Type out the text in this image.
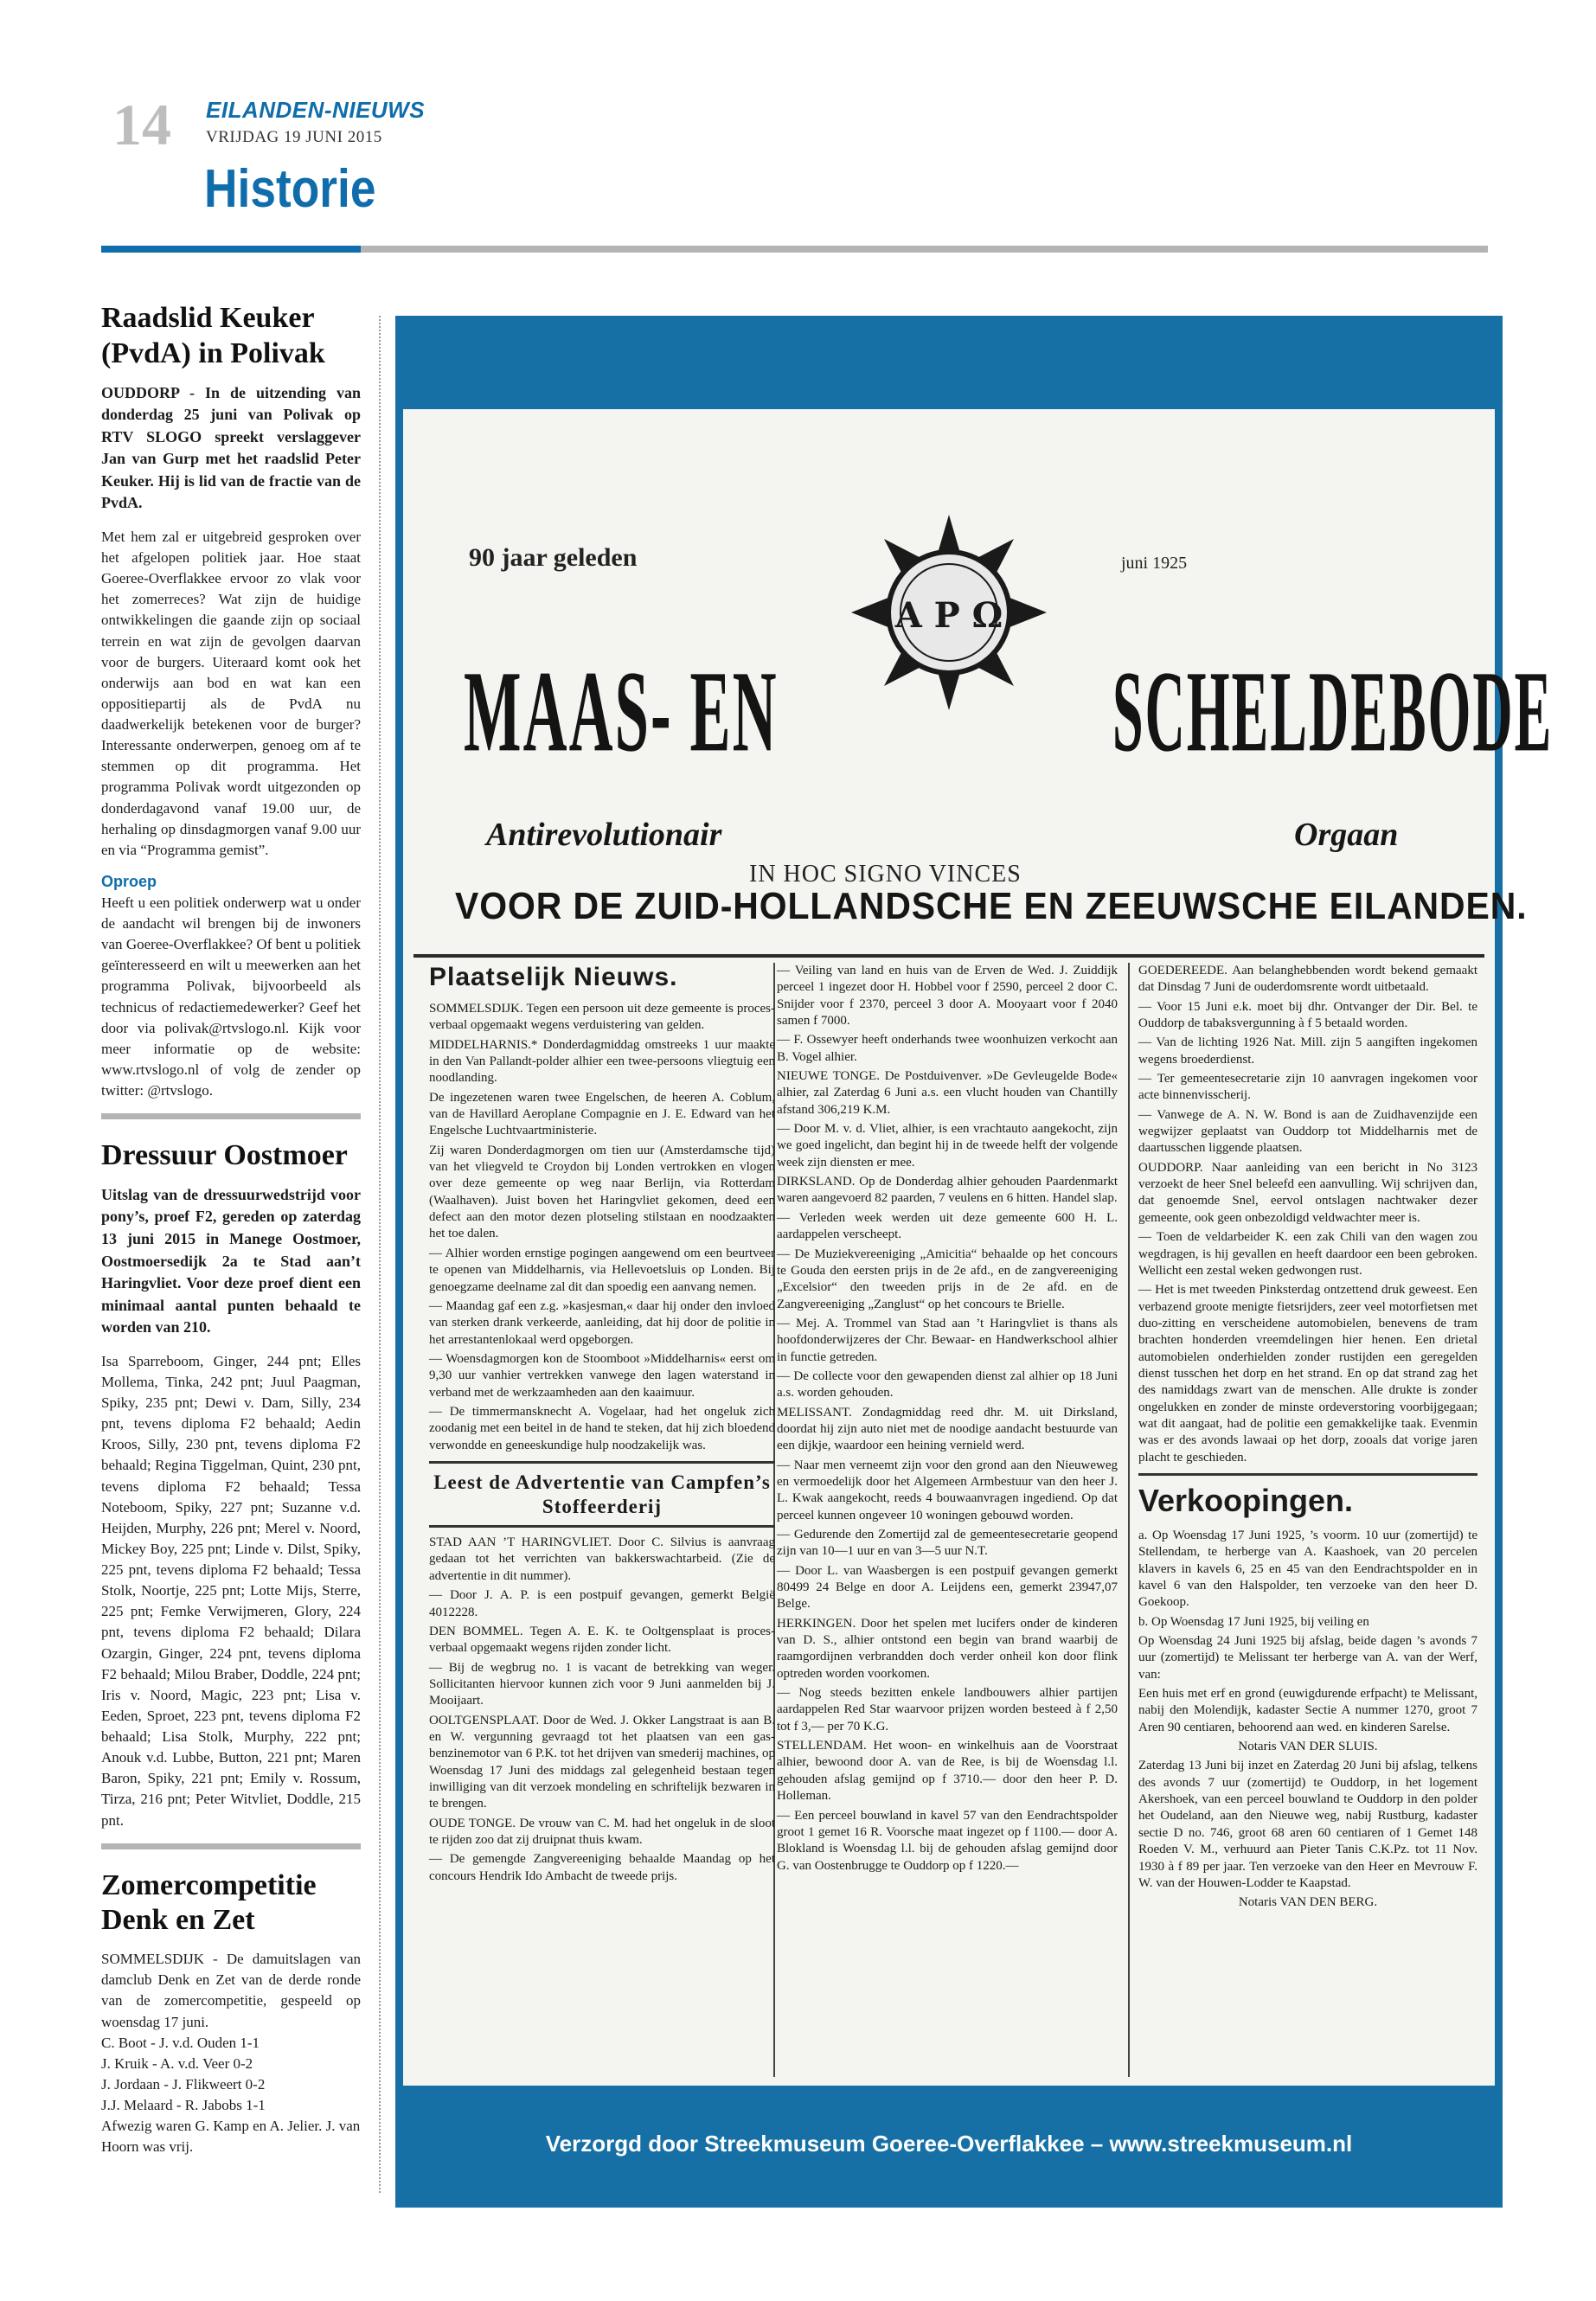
14 EILANDEN-NIEUWS
VRIJDAG 19 JUNI 2015
Historie
Raadslid Keuker (PvdA) in Polivak

OUDDORP - In de uitzending van donderdag 25 juni van Polivak op RTV SLOGO spreekt verslaggever Jan van Gurp met het raadslid Peter Keuker. Hij is lid van de fractie van de PvdA.

Met hem zal er uitgebreid gesproken over het afgelopen politiek jaar. Hoe staat Goeree-Overflakkee ervoor zo vlak voor het zomerreces? Wat zijn de huidige ontwikkelingen die gaande zijn op sociaal terrein en wat zijn de gevolgen daarvan voor de burgers. Uiteraard komt ook het onderwijs aan bod en wat kan een oppositiepartij als de PvdA nu daadwerkelijk betekenen voor de burger? Interessante onderwerpen, genoeg om af te stemmen op dit programma. Het programma Polivak wordt uitgezonden op donderdagavond vanaf 19.00 uur, de herhaling op dinsdagmorgen vanaf 9.00 uur en via “Programma gemist”.

Oproep

Heeft u een politiek onderwerp wat u onder de aandacht wil brengen bij de inwoners van Goeree-Overflakkee? Of bent u politiek geïnteresseerd en wilt u meewerken aan het programma Polivak, bijvoorbeeld als technicus of redactiemedewerker? Geef het door via polivak@rtvslogo.nl. Kijk voor meer informatie op de website: www.rtvslogo.nl of volg de zender op twitter: @rtvslogo.

Dressuur Oostmoer

Uitslag van de dressuurwedstrijd voor pony’s, proef F2, gereden op zaterdag 13 juni 2015 in Manege Oostmoer, Oostmoersedijk 2a te Stad aan’t Haringvliet. Voor deze proef dient een minimaal aantal punten behaald te worden van 210.

Isa Sparreboom, Ginger, 244 pnt; Elles Mollema, Tinka, 242 pnt; Juul Paagman, Spiky, 235 pnt; Dewi v. Dam, Silly, 234 pnt, tevens diploma F2 behaald; Aedin Kroos, Silly, 230 pnt, tevens diploma F2 behaald; Regina Tiggelman, Quint, 230 pnt, tevens diploma F2 behaald; Tessa Noteboom, Spiky, 227 pnt; Suzanne v.d. Heijden, Murphy, 226 pnt; Merel v. Noord, Mickey Boy, 225 pnt; Linde v. Dilst, Spiky, 225 pnt, tevens diploma F2 behaald; Tessa Stolk, Noortje, 225 pnt; Lotte Mijs, Sterre, 225 pnt; Femke Verwijmeren, Glory, 224 pnt, tevens diploma F2 behaald; Dilara Ozargin, Ginger, 224 pnt, tevens diploma F2 behaald; Milou Braber, Doddle, 224 pnt; Iris v. Noord, Magic, 223 pnt; Lisa v. Eeden, Sproet, 223 pnt, tevens diploma F2 behaald; Lisa Stolk, Murphy, 222 pnt; Anouk v.d. Lubbe, Button, 221 pnt; Maren Baron, Spiky, 221 pnt; Emily v. Rossum, Tirza, 216 pnt; Peter Witvliet, Doddle, 215 pnt.

Zomercompetitie Denk en Zet

SOMMELSDIJK - De damuitslagen van damclub Denk en Zet van de derde ronde van de zomercompetitie, gespeeld op woensdag 17 juni.

C. Boot - J. v.d. Ouden 1-1
J. Kruik - A. v.d. Veer 0-2
J. Jordaan - J. Flikweert 0-2
J.J. Melaard - R. Jabobs 1-1
Afwezig waren G. Kamp en A. Jelier. J. van Hoorn was vrij.
90 jaar geleden	juni 1925
A P Ω
MAAS- EN	SCHELDEBODE
Antirevolutionair	Orgaan
IN HOC SIGNO VINCES
VOOR DE ZUID-HOLLANDSCHE EN ZEEUWSCHE EILANDEN.
Plaatselijk Nieuws.

SOMMELSDIJK. Tegen een persoon uit deze gemeente is proces-verbaal opgemaakt wegens verduistering van gelden.

MIDDELHARNIS.* Donderdagmiddag omstreeks 1 uur maakte in den Van Pallandt-polder alhier een twee-persoons vliegtuig een noodlanding.

De ingezetenen waren twee Engelschen, de heeren A. Coblum, van de Havillard Aeroplane Compagnie en J. E. Edward van het Engelsche Luchtvaartministerie.

Zij waren Donderdagmorgen om tien uur (Amsterdamsche tijd) van het vliegveld te Croydon bij Londen vertrokken en vlogen over deze gemeente op weg naar Berlijn, via Rotterdam (Waalhaven). Juist boven het Haringvliet gekomen, deed een defect aan den motor dezen plotseling stilstaan en noodzaakten het toe dalen.

— Alhier worden ernstige pogingen aangewend om een beurtveer te openen van Middelharnis, via Hellevoetsluis op Londen. Bij genoegzame deelname zal dit dan spoedig een aanvang nemen.

— Maandag gaf een z.g. »kasjesman,« daar hij onder den invloed van sterken drank verkeerde, aanleiding, dat hij door de politie in het arrestantenlokaal werd opgeborgen.

— Woensdagmorgen kon de Stoomboot »Middelharnis« eerst om 9,30 uur vanhier vertrekken vanwege den lagen waterstand in verband met de werkzaamheden aan den kaaimuur.

— De timmermansknecht A. Vogelaar, had het ongeluk zich zoodanig met een beitel in de hand te steken, dat hij zich bloedend verwondde en geneeskundige hulp noodzakelijk was.

Leest de Advertentie van Campfen’s Stoffeerderij

STAD AAN ’T HARINGVLIET. Door C. Silvius is aanvraag gedaan tot het verrichten van bakkerswachtarbeid. (Zie de advertentie in dit nummer).

— Door J. A. P. is een postpuif gevangen, gemerkt België 4012228.

DEN BOMMEL. Tegen A. E. K. te Ooltgensplaat is proces-verbaal opgemaakt wegens rijden zonder licht.

— Bij de wegbrug no. 1 is vacant de betrekking van weger. Sollicitanten hiervoor kunnen zich voor 9 Juni aanmelden bij J. Mooijaart.

OOLTGENSPLAAT. Door de Wed. J. Okker Langstraat is aan B. en W. vergunning gevraagd tot het plaatsen van een gas-benzinemotor van 6 P.K. tot het drijven van smederij machines, op Woensdag 17 Juni des middags zal gelegenheid bestaan tegen inwilliging van dit verzoek mondeling en schriftelijk bezwaren in te brengen.

OUDE TONGE. De vrouw van C. M. had het ongeluk in de sloot te rijden zoo dat zij druipnat thuis kwam.

— De gemengde Zangvereeniging behaalde Maandag op het concours Hendrik Ido Ambacht de tweede prijs.

— Veiling van land en huis van de Erven de Wed. J. Zuiddijk perceel 1 ingezet door H. Hobbel voor f 2590, perceel 2 door C. Snijder voor f 2370, perceel 3 door A. Mooyaart voor f 2040 samen f 7000.

— F. Ossewyer heeft onderhands twee woonhuizen verkocht aan B. Vogel alhier.

NIEUWE TONGE. De Postduivenver. »De Gevleugelde Bode« alhier, zal Zaterdag 6 Juni a.s. een vlucht houden van Chantilly afstand 306,219 K.M.

— Door M. v. d. Vliet, alhier, is een vrachtauto aangekocht, zijn we goed ingelicht, dan begint hij in de tweede helft der volgende week zijn diensten er mee.

DIRKSLAND. Op de Donderdag alhier gehouden Paardenmarkt waren aangevoerd 82 paarden, 7 veulens en 6 hitten. Handel slap.

— Verleden week werden uit deze gemeente 600 H. L. aardappelen verscheept.

— De Muziekvereeniging „Amicitia“ behaalde op het concours te Gouda den eersten prijs in de 2e afd., en de zangvereeniging „Excelsior“ den tweeden prijs in de 2e afd. en de Zangvereeniging „Zanglust“ op het concours te Brielle.

— Mej. A. Trommel van Stad aan ’t Haringvliet is thans als hoofdonderwijzeres der Chr. Bewaar- en Handwerkschool alhier in functie getreden.

— De collecte voor den gewapenden dienst zal alhier op 18 Juni a.s. worden gehouden.

MELISSANT. Zondagmiddag reed dhr. M. uit Dirksland, doordat hij zijn auto niet met de noodige aandacht bestuurde van een dijkje, waardoor een heining vernield werd.

— Naar men verneemt zijn voor den grond aan den Nieuweweg en vermoedelijk door het Algemeen Armbestuur van den heer J. L. Kwak aangekocht, reeds 4 bouwaanvragen ingediend. Op dat perceel kunnen ongeveer 10 woningen gebouwd worden.

— Gedurende den Zomertijd zal de gemeentesecretarie geopend zijn van 10—1 uur en van 3—5 uur N.T.

— Door L. van Waasbergen is een postpuif gevangen gemerkt 80499 24 Belge en door A. Leijdens een, gemerkt 23947,07 Belge.

HERKINGEN. Door het spelen met lucifers onder de kinderen van D. S., alhier ontstond een begin van brand waarbij de raamgordijnen verbrandden doch verder onheil kon door flink optreden worden voorkomen.

— Nog steeds bezitten enkele landbouwers alhier partijen aardappelen Red Star waarvoor prijzen worden besteed à f 2,50 tot f 3,— per 70 K.G.

STELLENDAM. Het woon- en winkelhuis aan de Voorstraat alhier, bewoond door A. van de Ree, is bij de Woensdag l.l. gehouden afslag gemijnd op f 3710.— door den heer P. D. Holleman.

— Een perceel bouwland in kavel 57 van den Eendrachtspolder groot 1 gemet 16 R. Voorsche maat ingezet op f 1100.— door A. Blokland is Woensdag l.l. bij de gehouden afslag gemijnd door G. van Oostenbrugge te Ouddorp op f 1220.—

GOEDEREEDE. Aan belanghebbenden wordt bekend gemaakt dat Dinsdag 7 Juni de ouderdomsrente wordt uitbetaald.

— Voor 15 Juni e.k. moet bij dhr. Ontvanger der Dir. Bel. te Ouddorp de tabaksvergunning à f 5 betaald worden.

— Van de lichting 1926 Nat. Mill. zijn 5 aangiften ingekomen wegens broederdienst.

— Ter gemeentesecretarie zijn 10 aanvragen ingekomen voor acte binnenvisscherij.

— Vanwege de A. N. W. Bond is aan de Zuidhavenzijde een wegwijzer geplaatst van Ouddorp tot Middelharnis met de daartusschen liggende plaatsen.

OUDDORP. Naar aanleiding van een bericht in No 3123 verzoekt de heer Snel beleefd een aanvulling. Wij schrijven dan, dat genoemde Snel, eervol ontslagen nachtwaker dezer gemeente, ook geen onbezoldigd veldwachter meer is.

— Toen de veldarbeider K. een zak Chili van den wagen zou wegdragen, is hij gevallen en heeft daardoor een been gebroken. Wellicht een zestal weken gedwongen rust.

— Het is met tweeden Pinksterdag ontzettend druk geweest. Een verbazend groote menigte fietsrijders, zeer veel motorfietsen met duo-zitting en verscheidene automobielen, benevens de tram brachten honderden vreemdelingen hier henen. Een drietal automobielen onderhielden zonder rustijden een geregelden dienst tusschen het dorp en het strand. En op dat strand zag het des namiddags zwart van de menschen. Alle drukte is zonder ongelukken en zonder de minste ordeverstoring voorbijgegaan; wat dit aangaat, had de politie een gemakkelijke taak. Evenmin was er des avonds lawaai op het dorp, zooals dat vorige jaren placht te geschieden.

Verkoopingen.

a. Op Woensdag 17 Juni 1925, ’s voorm. 10 uur (zomertijd) te Stellendam, te herberge van A. Kaashoek, van 20 percelen klavers in kavels 6, 25 en 45 van den Eendrachtspolder en in kavel 6 van den Halspolder, ten verzoeke van den heer D. Goekoop.

b. Op Woensdag 17 Juni 1925, bij veiling en

Op Woensdag 24 Juni 1925 bij afslag, beide dagen ’s avonds 7 uur (zomertijd) te Melissant ter herberge van A. van der Werf, van:

Een huis met erf en grond (euwigdurende erfpacht) te Melissant, nabij den Molendijk, kadaster Sectie A nummer 1270, groot 7 Aren 90 centiaren, behoorend aan wed. en kinderen Sarelse.

Notaris VAN DER SLUIS.

Zaterdag 13 Juni bij inzet en Zaterdag 20 Juni bij afslag, telkens des avonds 7 uur (zomertijd) te Ouddorp, in het logement Akershoek, van een perceel bouwland te Ouddorp in den polder het Oudeland, aan den Nieuwe weg, nabij Rustburg, kadaster sectie D no. 746, groot 68 aren 60 centiaren of 1 Gemet 148 Roeden V. M., verhuurd aan Pieter Tanis C.K.Pz. tot 11 Nov. 1930 à f 89 per jaar. Ten verzoeke van den Heer en Mevrouw F. W. van der Houwen-Lodder te Kaapstad.

Notaris VAN DEN BERG.

Verzorgd door Streekmuseum Goeree-Overflakkee – www.streekmuseum.nl
